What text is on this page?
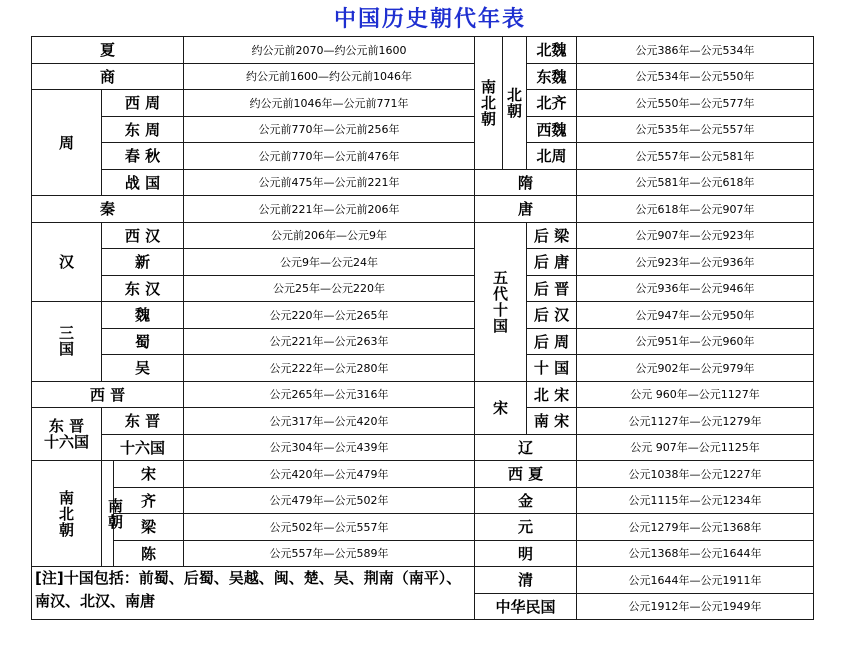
中国历史朝代年表
夏			约公元前2070—约公元前1600	南北朝	北朝	北魏	公元386年—公元534年
商			约公元前1600—约公元前1046年			东魏	公元534年—公元550年
周	西 周		约公元前1046年—公元前771年			北齐	公元550年—公元577年
	东 周		公元前770年—公元前256年			西魏	公元535年—公元557年
	春 秋		公元前770年—公元前476年			北周	公元557年—公元581年
	战 国		公元前475年—公元前221年	隋			公元581年—公元618年
秦			公元前221年—公元前206年	唐			公元618年—公元907年
汉	西 汉		公元前206年—公元9年	五代十国		后 梁	公元907年—公元923年
	新		公元9年—公元24年			后 唐	公元923年—公元936年
	东 汉		公元25年—公元220年			后 晋	公元936年—公元946年
三国	魏		公元220年—公元265年			后 汉	公元947年—公元950年
	蜀		公元221年—公元263年			后 周	公元951年—公元960年
	吴		公元222年—公元280年			十 国	公元902年—公元979年
西 晋			公元265年—公元316年	宋		北 宋	公元 960年—公元1127年
东 晋 十六国	东 晋		公元317年—公元420年			南 宋	公元1127年—公元1279年
	十六国		公元304年—公元439年	辽			公元 907年—公元1125年
南北朝	南朝	宋	公元420年—公元479年	西 夏			公元1038年—公元1227年
		齐	公元479年—公元502年	金			公元1115年—公元1234年
		梁	公元502年—公元557年	元			公元1279年—公元1368年
		陈	公元557年—公元589年	明			公元1368年—公元1644年
[注]十国包括：前蜀、后蜀、吴越、闽、楚、吴、荆南（南平）、南汉、北汉、南唐				清			公元1644年—公元1911年
				中华民国			公元1912年—公元1949年
